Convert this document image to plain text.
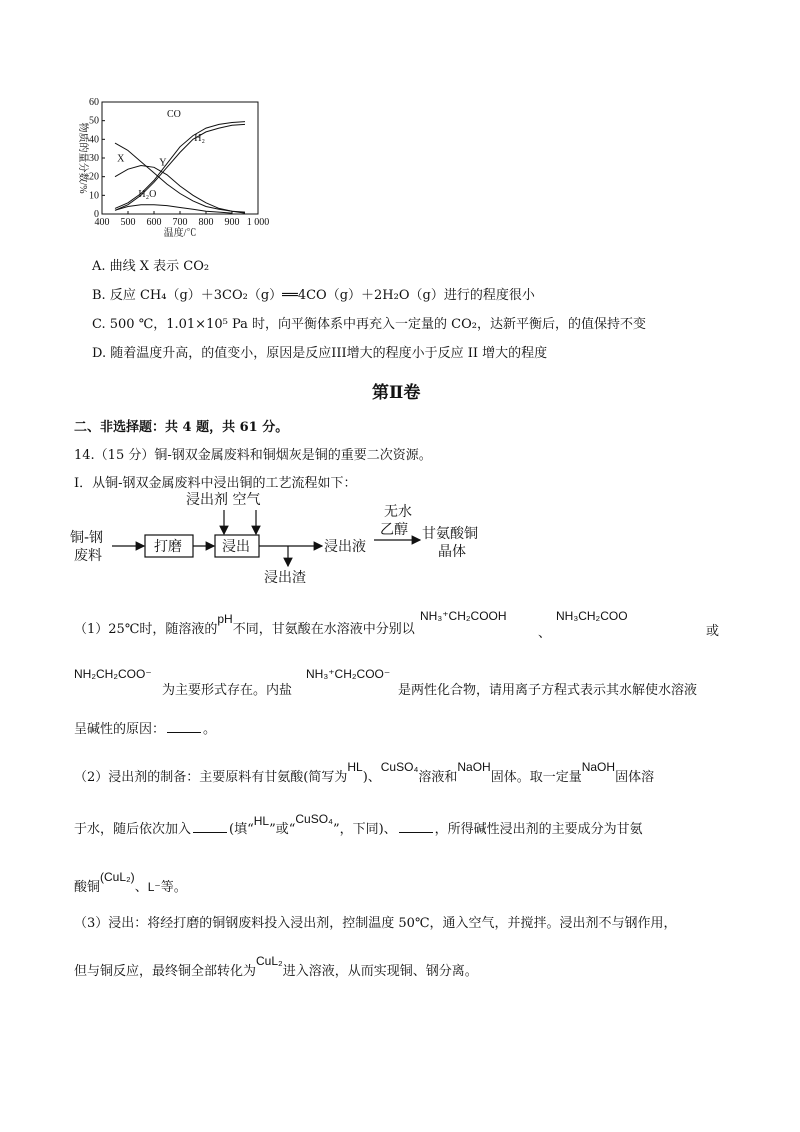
0
10
20
30
40
50
60
400 500 600 700 800 900 1 000
CO
H₂
X	Y
H₂O
物质的量分数/%
温度/℃
A. 曲线 X 表示 CO₂
B. 反应 CH₄（g）＋3CO₂（g）══4CO（g）＋2H₂O（g）进行的程度很小
C. 500 ℃，1.01×10⁵ Pa 时，向平衡体系中再充入一定量的 CO₂，达新平衡后，的值保持不变
D. 随着温度升高，的值变小，原因是反应III增大的程度小于反应 II 增大的程度
第Ⅱ卷
二、非选择题：共 4 题，共 61 分。
14.（15 分）铜-钢双金属废料和铜烟灰是铜的重要二次资源。
Ⅰ．从铜-钢双金属废料中浸出铜的工艺流程如下：
铜-钢
废料
打磨	浸出
浸出剂 空气
浸出渣
浸出液
无水
乙醇 甘氨酸铜
晶体
（1）25℃时，随溶液的pH不同，甘氨酸在水溶液中分别以
NH₃⁺CH₂COOH
、
NH₃CH₂COO
或
NH₂CH₂COO⁻
为主要形式存在。内盐
NH₃⁺CH₂COO⁻
是两性化合物，请用离子方程式表示其水解使水溶液
呈碱性的原因：	。
（2）浸出剂的制备：主要原料有甘氨酸(简写为HL)、CuSO₄溶液和NaOH固体。取一定量NaOH固体溶
于水，随后依次加入	(填“HL”或“CuSO₄”，下同)、	，所得碱性浸出剂的主要成分为甘氨
酸铜(CuL₂)、L⁻等。
（3）浸出：将经打磨的铜钢废料投入浸出剂，控制温度 50℃，通入空气，并搅拌。浸出剂不与钢作用，
但与铜反应，最终铜全部转化为CuL₂进入溶液，从而实现铜、钢分离。
